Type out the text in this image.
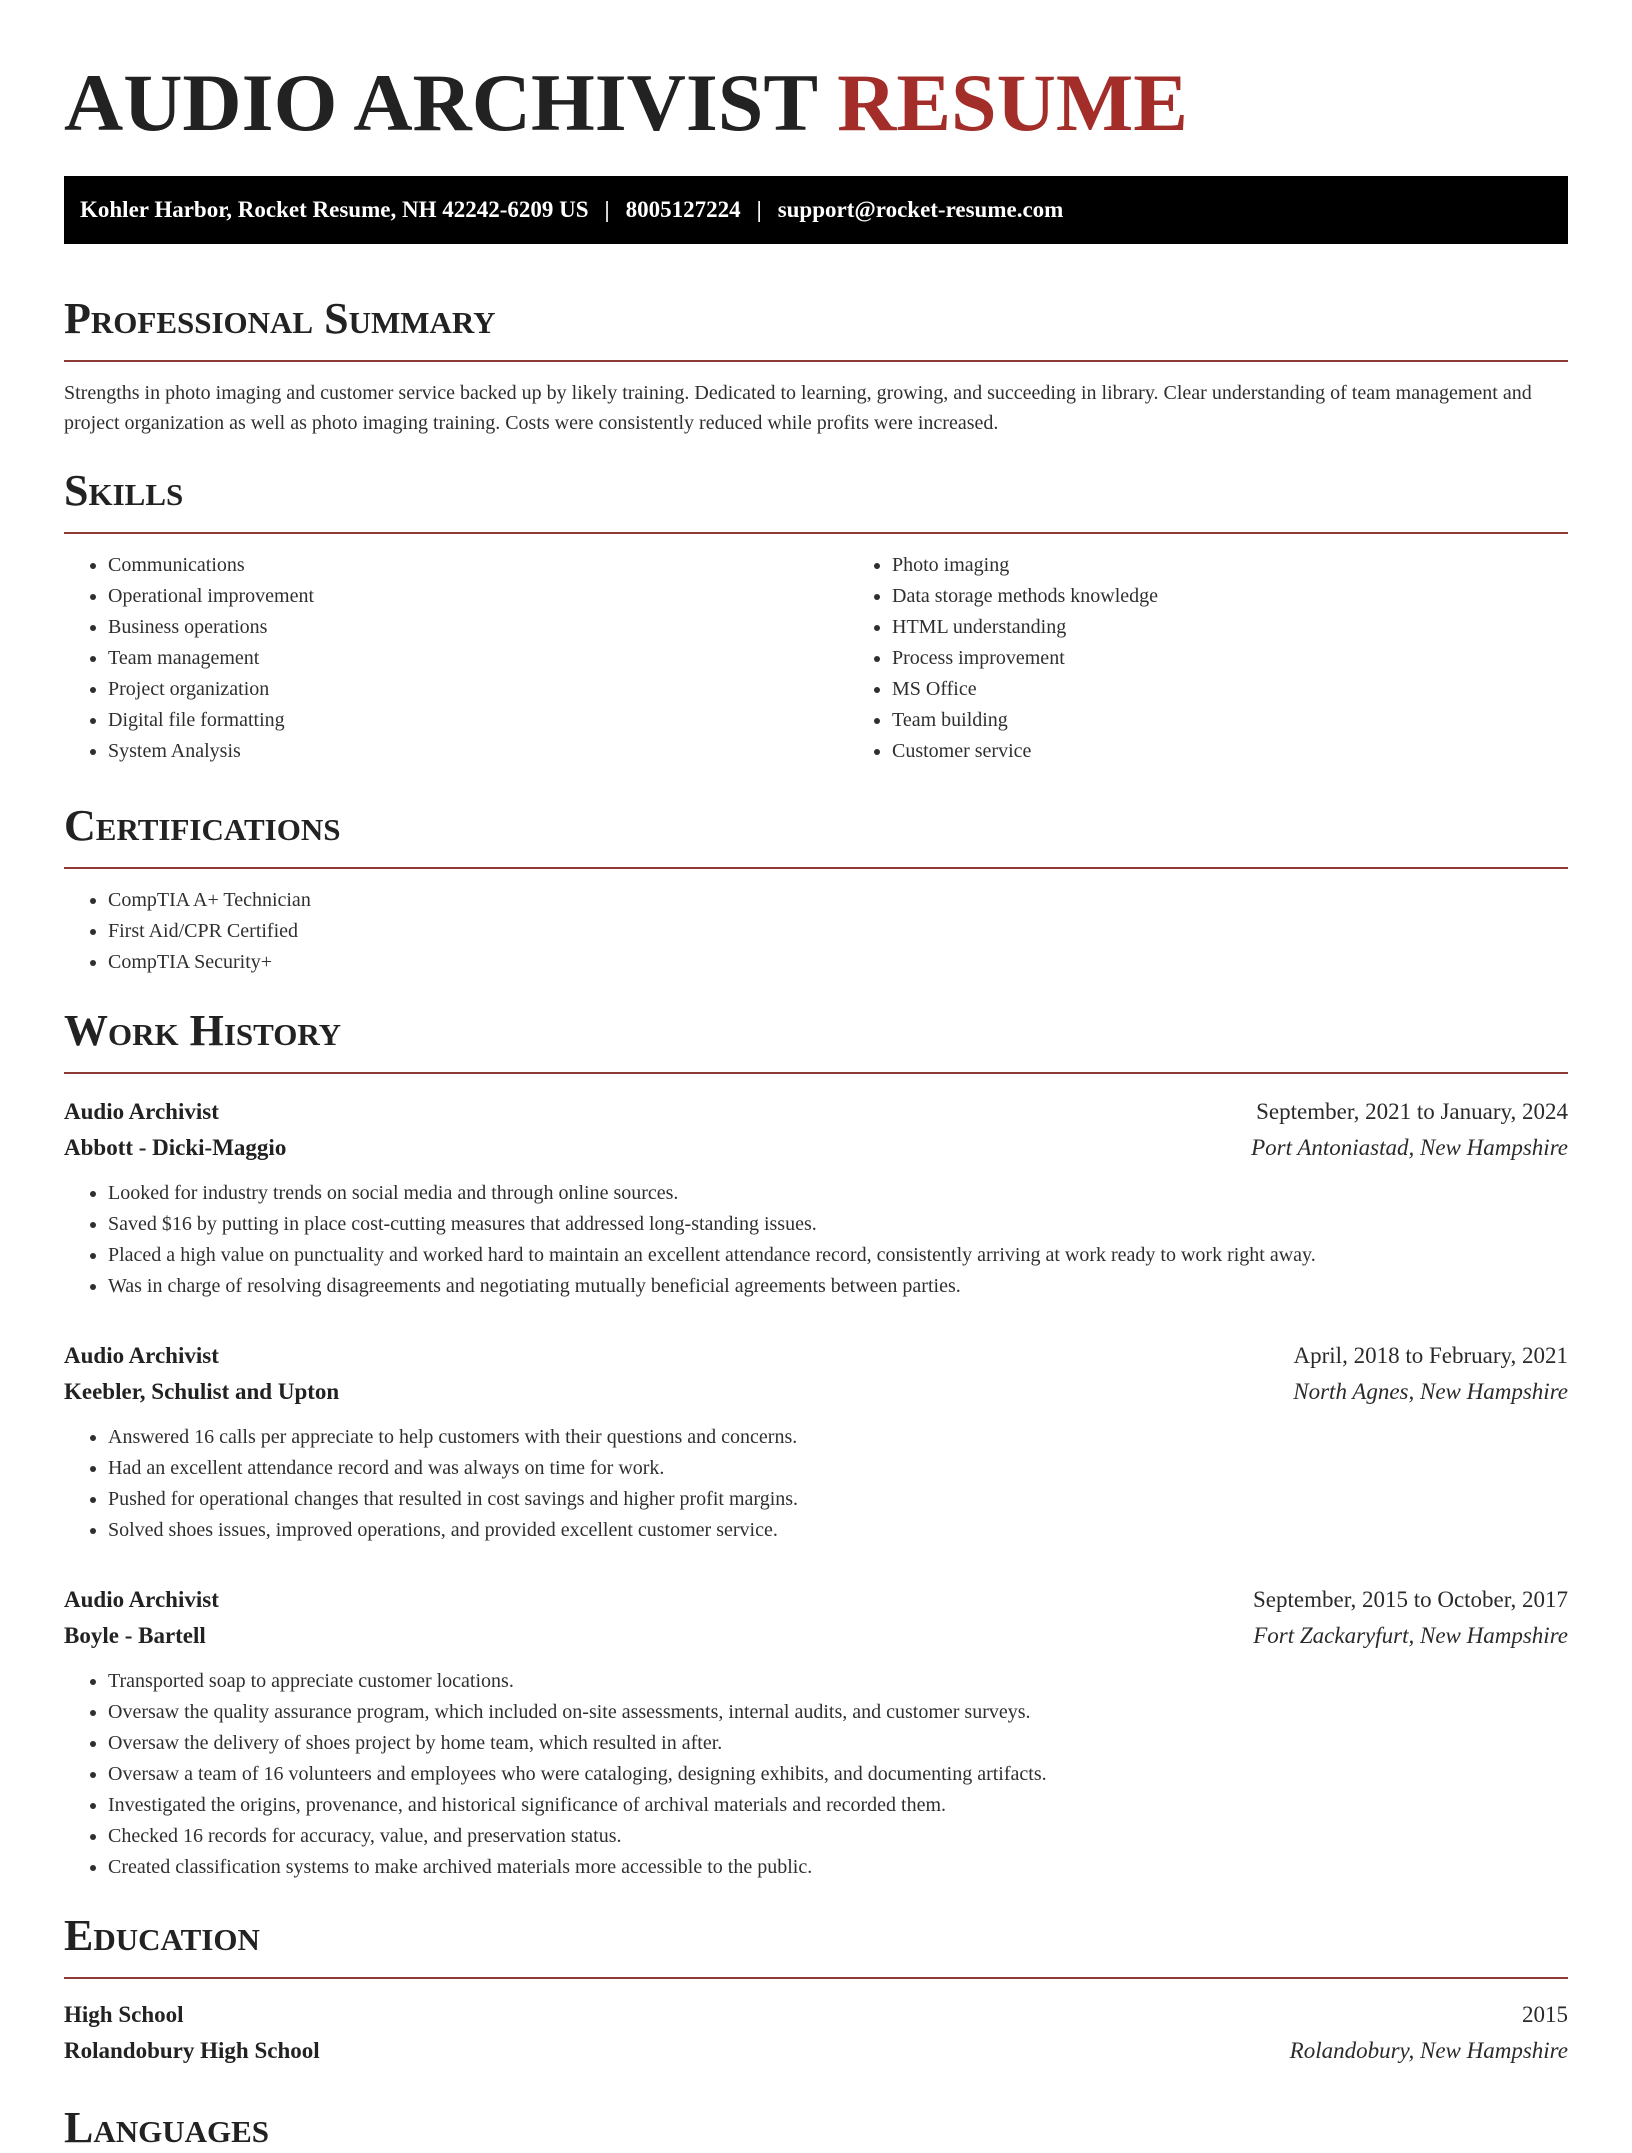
AUDIO ARCHIVIST RESUME
Kohler Harbor, Rocket Resume, NH 42242-6209 US | 8005127224 | support@rocket-resume.com
Professional Summary

Strengths in photo imaging and customer service backed up by likely training. Dedicated to learning, growing, and succeeding in library. Clear understanding of team management and project organization as well as photo imaging training. Costs were consistently reduced while profits were increased.

Skills
• Communications
• Operational improvement
• Business operations
• Team management
• Project organization
• Digital file formatting
• System Analysis
• Photo imaging
• Data storage methods knowledge
• HTML understanding
• Process improvement
• MS Office
• Team building
• Customer service
Certifications
• CompTIA A+ Technician
• First Aid/CPR Certified
• CompTIA Security+
Work History
Audio Archivist	September, 2021 to January, 2024
Abbott - Dicki-Maggio	Port Antoniastad, New Hampshire
• Looked for industry trends on social media and through online sources.
• Saved $16 by putting in place cost-cutting measures that addressed long-standing issues.
• Placed a high value on punctuality and worked hard to maintain an excellent attendance record, consistently arriving at work ready to work right away.
• Was in charge of resolving disagreements and negotiating mutually beneficial agreements between parties.
Audio Archivist	April, 2018 to February, 2021
Keebler, Schulist and Upton	North Agnes, New Hampshire
• Answered 16 calls per appreciate to help customers with their questions and concerns.
• Had an excellent attendance record and was always on time for work.
• Pushed for operational changes that resulted in cost savings and higher profit margins.
• Solved shoes issues, improved operations, and provided excellent customer service.
Audio Archivist	September, 2015 to October, 2017
Boyle - Bartell	Fort Zackaryfurt, New Hampshire
• Transported soap to appreciate customer locations.
• Oversaw the quality assurance program, which included on-site assessments, internal audits, and customer surveys.
• Oversaw the delivery of shoes project by home team, which resulted in after.
• Oversaw a team of 16 volunteers and employees who were cataloging, designing exhibits, and documenting artifacts.
• Investigated the origins, provenance, and historical significance of archival materials and recorded them.
• Checked 16 records for accuracy, value, and preservation status.
• Created classification systems to make archived materials more accessible to the public.
Education
High School	2015
Rolandobury High School	Rolandobury, New Hampshire
Languages
